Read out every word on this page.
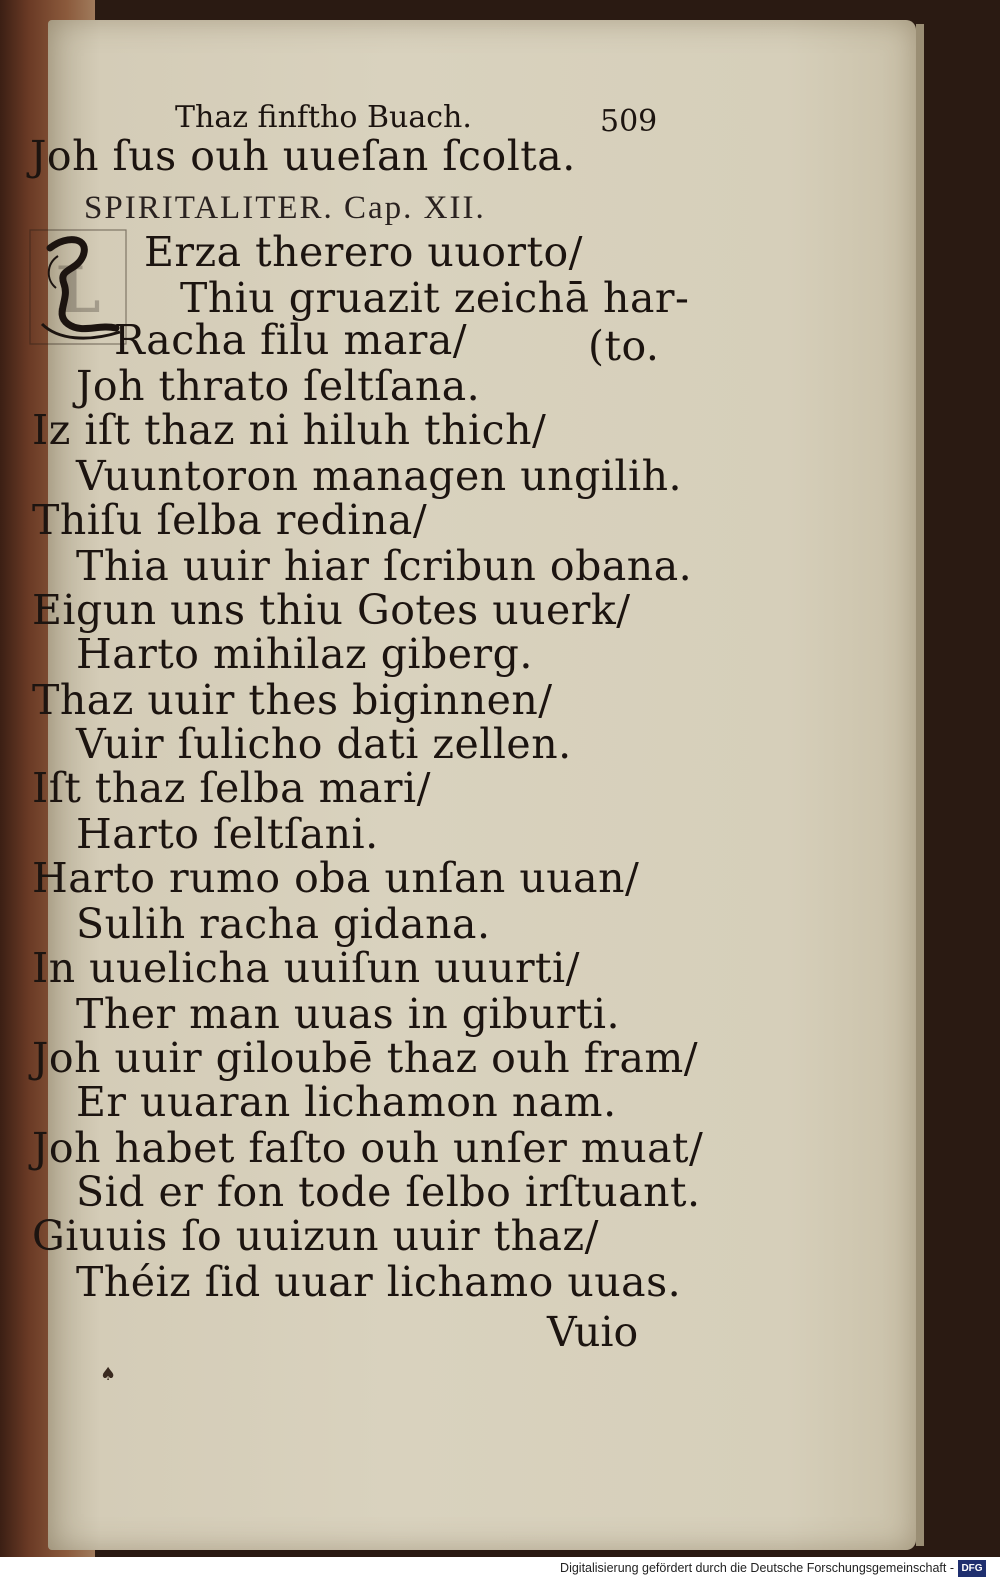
Thaz finftho Buach.	509
SPIRITALITER. Cap. XII.
L
Joh ſus ouh uueſan ſcolta.
Erza therero uuorto/
Thiu gruazit zeichā har-
Racha filu mara/	(to.
Joh thrato ſeltſana.
Iz iſt thaz ni hiluh thich/
Vuuntoron managen ungilih.
Thiſu ſelba redina/
Thia uuir hiar ſcribun obana.
Eigun uns thiu Gotes uuerk/
Harto mihilaz giberg.
Thaz uuir thes biginnen/
Vuir ſulicho dati zellen.
Iſt thaz ſelba mari/
Harto ſeltſani.
Harto rumo oba unſan uuan/
Sulih racha gidana.
In uuelicha uuiſun uuurti/
Ther man uuas in giburti.
Joh uuir giloubē thaz ouh fram/
Er uuaran lichamon nam.
Joh habet faſto ouh unſer muat/
Sid er fon tode ſelbo irſtuant.
Giuuis ſo uuizun uuir thaz/
Théiz ſid uuar lichamo uuas.
Vuio
♠
Digitalisierung gefördert durch die Deutsche Forschungsgemeinschaft - DFG
